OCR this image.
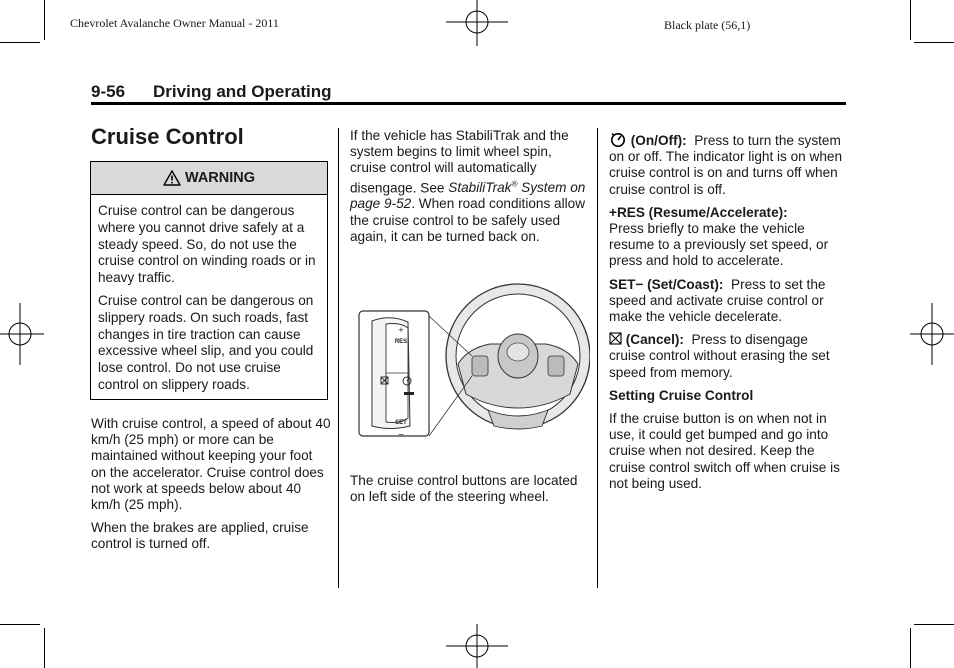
Chevrolet Avalanche Owner Manual - 2011	Black plate (56,1)
9-56 Driving and Operating
Cruise Control
WARNING

Cruise control can be dangerous where you cannot drive safely at a steady speed. So, do not use the cruise control on winding roads or in heavy traffic.

Cruise control can be dangerous on slippery roads. On such roads, fast changes in tire traction can cause excessive wheel slip, and you could lose control. Do not use cruise control on slippery roads.

With cruise control, a speed of about 40 km/h (25 mph) or more can be maintained without keeping your foot on the accelerator. Cruise control does not work at speeds below about 40 km/h (25 mph).

When the brakes are applied, cruise control is turned off.

If the vehicle has StabiliTrak and the system begins to limit wheel spin, cruise control will automatically disengage. See StabiliTrak® System on page 9-52. When road conditions allow the cruise control to be safely used again, it can be turned back on.

+
RES
SET
−

The cruise control buttons are located on left side of the steering wheel.

(On/Off): Press to turn the system on or off. The indicator light is on when cruise control is on and turns off when cruise control is off.

+RES (Resume/Accelerate):
Press briefly to make the vehicle resume to a previously set speed, or press and hold to accelerate.

SET− (Set/Coast): Press to set the speed and activate cruise control or make the vehicle decelerate.

(Cancel): Press to disengage cruise control without erasing the set speed from memory.

Setting Cruise Control

If the cruise button is on when not in use, it could get bumped and go into cruise when not desired. Keep the cruise control switch off when cruise is not being used.
